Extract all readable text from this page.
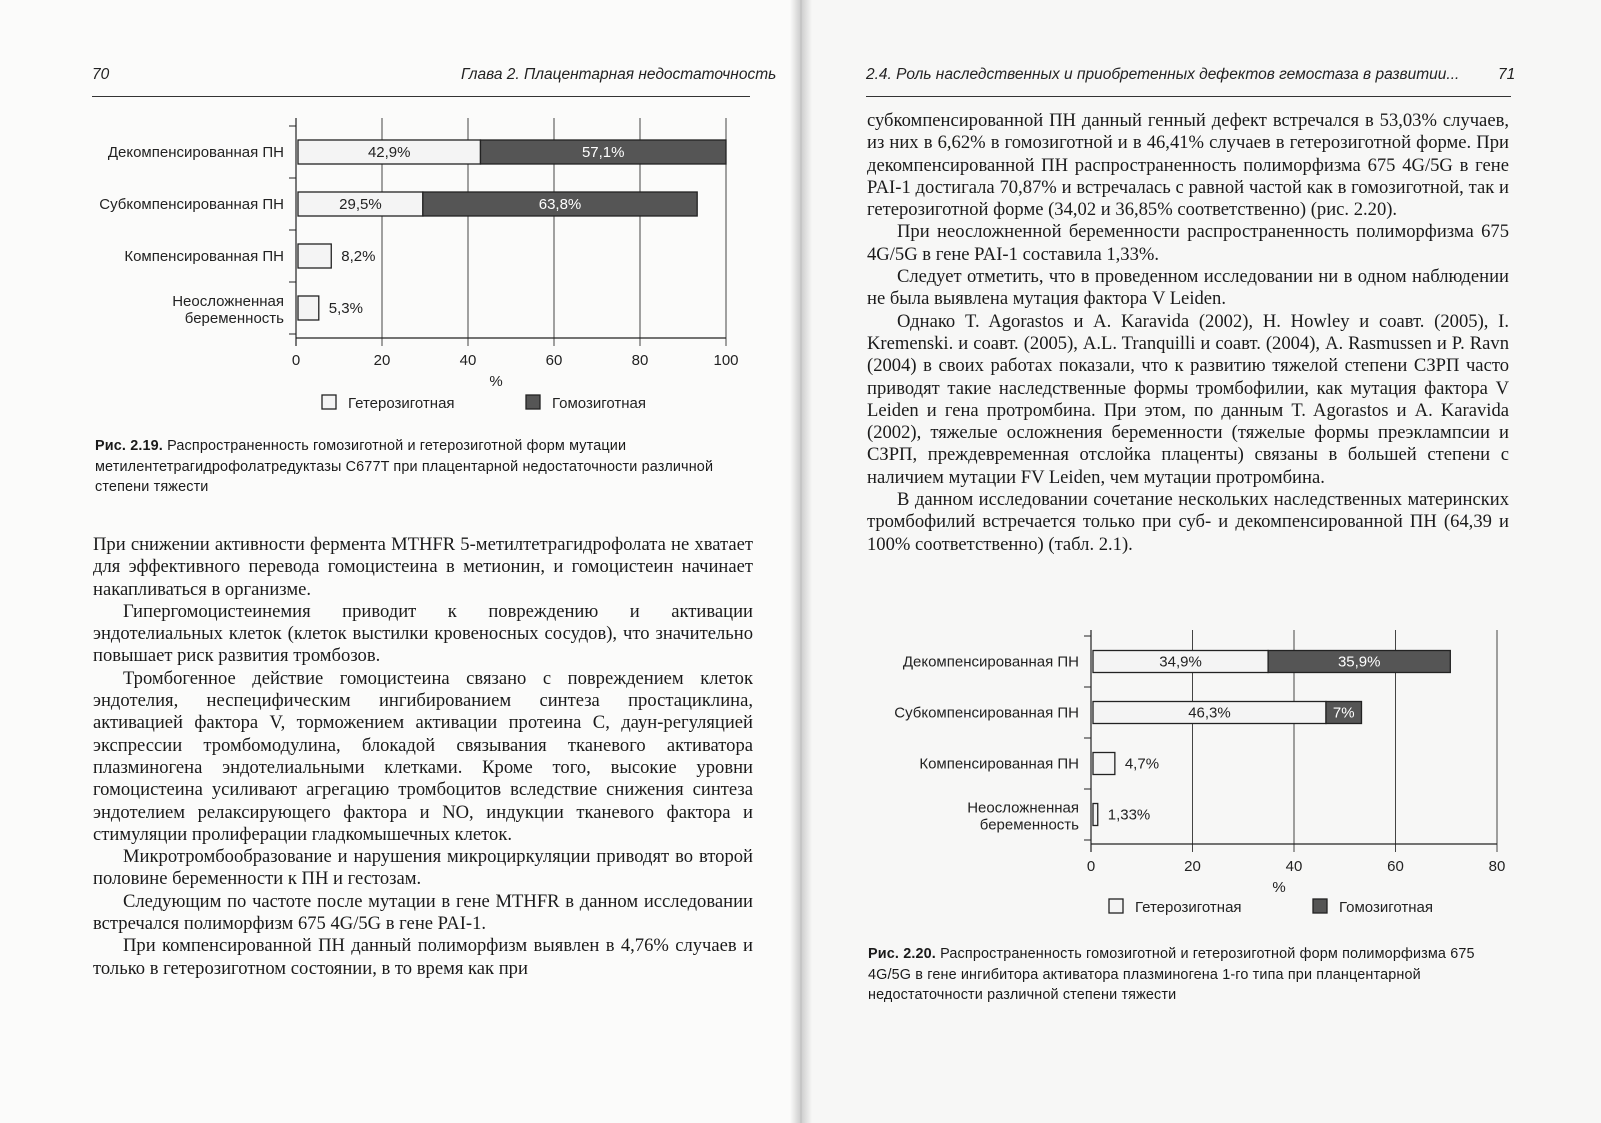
70	Глава 2. Плацентарная недостаточность	2.4. Роль наследственных и приобретенных дефектов гемостаза в развитии... 71
0	20	40	60	80	100
%
Декомпенсированная ПН	42,9%	57,1%
Субкомпенсированная ПН	29,5%	63,8%
Компенсированная ПН	8,2%
Неосложненная
беременность
5,3%
Гетерозиготная	Гомозиготная
Рис. 2.19. Распространенность гомозиготной и гетерозиготной форм мутации метилентетрагидрофолатредуктазы C677T при плацентарной недостаточности различной степени тяжести

При снижении активности фермента MTHFR 5-метилтетрагидрофолата не хватает для эффективного перевода гомоцистеина в метионин, и гомоцистеин начинает накапливаться в организме.

Гипергомоцистеинемия приводит к повреждению и активации эндотелиальных клеток (клеток выстилки кровеносных сосудов), что значительно повышает риск развития тромбозов.

Тромбогенное действие гомоцистеина связано с повреждением клеток эндотелия, неспецифическим ингибированием синтеза простациклина, активацией фактора V, торможением активации протеина С, даун-регуляцией экспрессии тромбомодулина, блокадой связывания тканевого активатора плазминогена эндотелиальными клетками. Кроме того, высокие уровни гомоцистеина усиливают агрегацию тромбоцитов вследствие снижения синтеза эндотелием релаксирующего фактора и NO, индукции тканевого фактора и стимуляции пролиферации гладкомышечных клеток.

Микротромбообразование и нарушения микроциркуляции приводят во второй половине беременности к ПН и гестозам.

Следующим по частоте после мутации в гене MTHFR в данном исследовании встречался полиморфизм 675 4G/5G в гене PAI-1.

При компенсированной ПН данный полиморфизм выявлен в 4,76% случаев и только в гетерозиготном состоянии, в то время как при

субкомпенсированной ПН данный генный дефект встречался в 53,03% случаев, из них в 6,62% в гомозиготной и в 46,41% случаев в гетерозиготной форме. При декомпенсированной ПН распространенность полиморфизма 675 4G/5G в гене PAI-1 достигала 70,87% и встречалась с равной частой как в гомозиготной, так и гетерозиготной форме (34,02 и 36,85% соответственно) (рис. 2.20).

При неосложненной беременности распространенность полиморфизма 675 4G/5G в гене PAI-1 составила 1,33%.

Следует отметить, что в проведенном исследовании ни в одном наблюдении не была выявлена мутация фактора V Leiden.

Однако T. Agorastos и A. Karavida (2002), H. Howley и соавт. (2005), I. Kremenski. и соавт. (2005), A.L. Tranquilli и соавт. (2004), A. Rasmussen и P. Ravn (2004) в своих работах показали, что к развитию тяжелой степени СЗРП часто приводят такие наследственные формы тромбофилии, как мутация фактора V Leiden и гена протромбина. При этом, по данным T. Agorastos и A. Karavida (2002), тяжелые осложнения беременности (тяжелые формы преэклампсии и СЗРП, преждевременная отслойка плаценты) связаны в большей степени с наличием мутации FV Leiden, чем мутации протромбина.

В данном исследовании сочетание нескольких наследственных материнских тромбофилий встречается только при суб- и декомпенсированной ПН (64,39 и 100% соответственно) (табл. 2.1).

0	20	40	60	80
%
Декомпенсированная ПН	34,9%	35,9%
Субкомпенсированная ПН	46,3%	7%
Компенсированная ПН	4,7%
Неосложненная
беременность
1,33%
Гетерозиготная	Гомозиготная
Рис. 2.20. Распространенность гомозиготной и гетерозиготной форм полиморфизма 675 4G/5G в гене ингибитора активатора плазминогена 1-го типа при планцентарной недостаточности различной степени тяжести
